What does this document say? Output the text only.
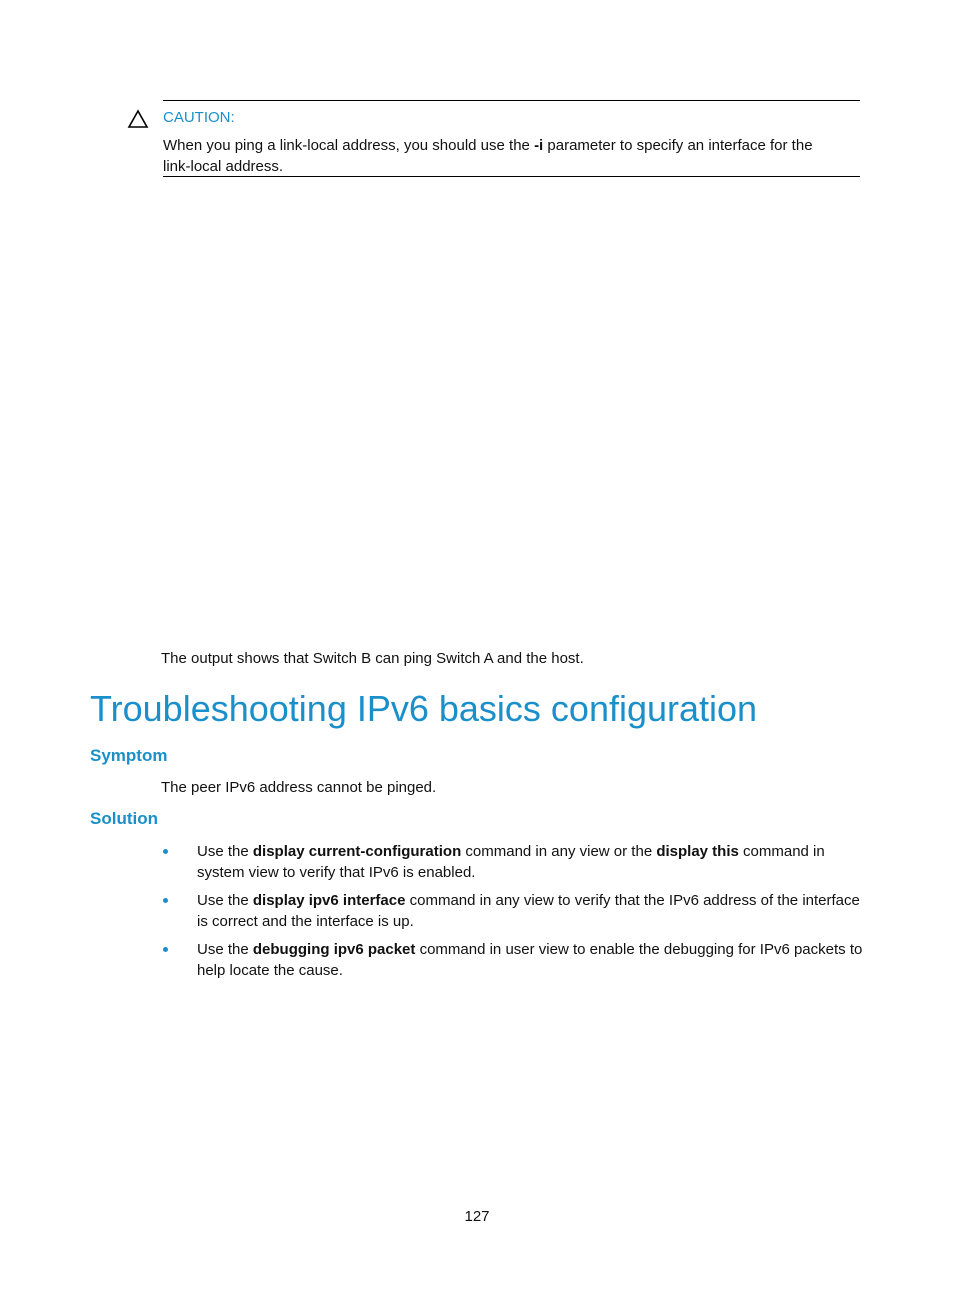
CAUTION:
When you ping a link-local address, you should use the -i parameter to specify an interface for the link-local address.
The output shows that Switch B can ping Switch A and the host.
Troubleshooting IPv6 basics configuration
Symptom
The peer IPv6 address cannot be pinged.
Solution
Use the display current-configuration command in any view or the display this command in system view to verify that IPv6 is enabled.
Use the display ipv6 interface command in any view to verify that the IPv6 address of the interface is correct and the interface is up.
Use the debugging ipv6 packet command in user view to enable the debugging for IPv6 packets to help locate the cause.
127
